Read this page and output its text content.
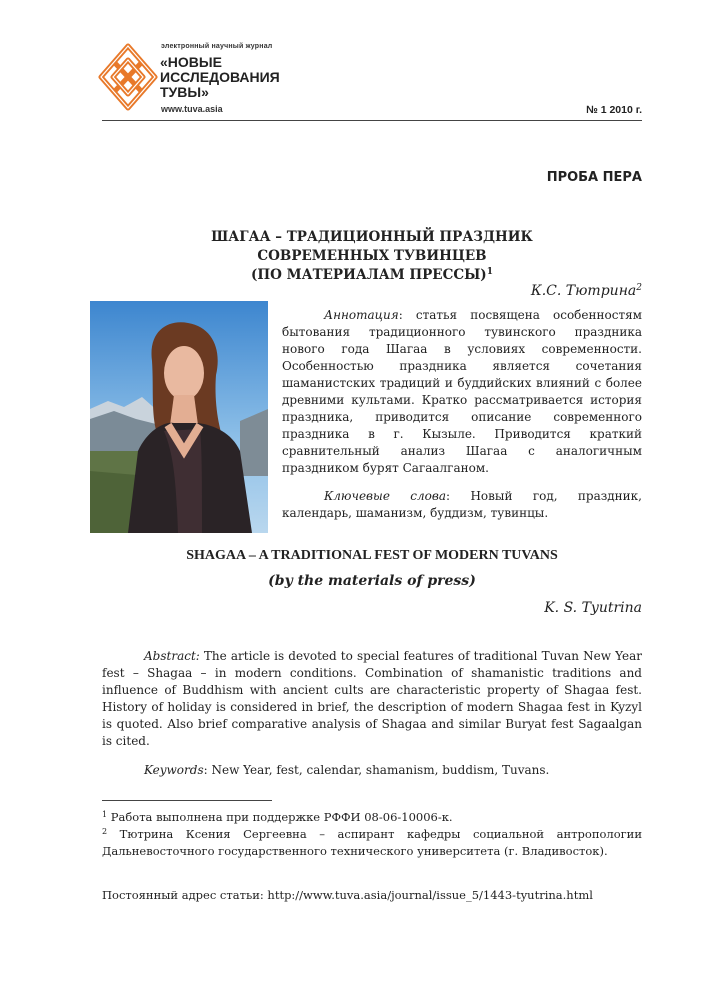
электронный научный журнал
«НОВЫЕ
ИССЛЕДОВАНИЯ
ТУВЫ»
www.tuva.asia	№ 1 2010 г.
ПРОБА ПЕРА
ШАГАА – ТРАДИЦИОННЫЙ ПРАЗДНИК
СОВРЕМЕННЫХ ТУВИНЦЕВ
(ПО МАТЕРИАЛАМ ПРЕССЫ)$^1$
К.С. Тютрина$^2$
Аннотация: статья посвящена особенностям бытования традиционного тувинского праздника нового года Шагаа в условиях современности. Особенностью праздника является сочетания шаманистских традиций и буддийских влияний с более древними культами. Кратко рассматривается история праздника, приводится описание современного праздника в г. Кызыле. Приводится краткий сравнительный анализ Шагаа с аналогичным праздником бурят Сагаалганом.
Ключевые слова: Новый год, праздник, календарь, шаманизм, буддизм, тувинцы.
SHAGAA – A TRADITIONAL FEST OF MODERN TUVANS
(by the materials of press)
K. S. Tyutrina
Abstract: The article is devoted to special features of traditional Tuvan New Year fest – Shagaa – in modern conditions. Combination of shamanistic traditions and influence of Buddhism with ancient cults are characteristic property of Shagaa fest. History of holiday is considered in brief, the description of modern Shagaa fest in Kyzyl is quoted. Also brief comparative analysis of Shagaa and similar Buryat fest Sagaalgan is cited.
Keywords: New Year, fest, calendar, shamanism, buddism, Tuvans.
$^1$ Работа выполнена при поддержке РФФИ 08-06-10006-к.
$^2$ Тютрина Ксения Сергеевна – аспирант кафедры социальной антропологии Дальневосточного государственного технического университета (г. Владивосток).
Постоянный адрес статьи: http://www.tuva.asia/journal/issue_5/1443-tyutrina.html
